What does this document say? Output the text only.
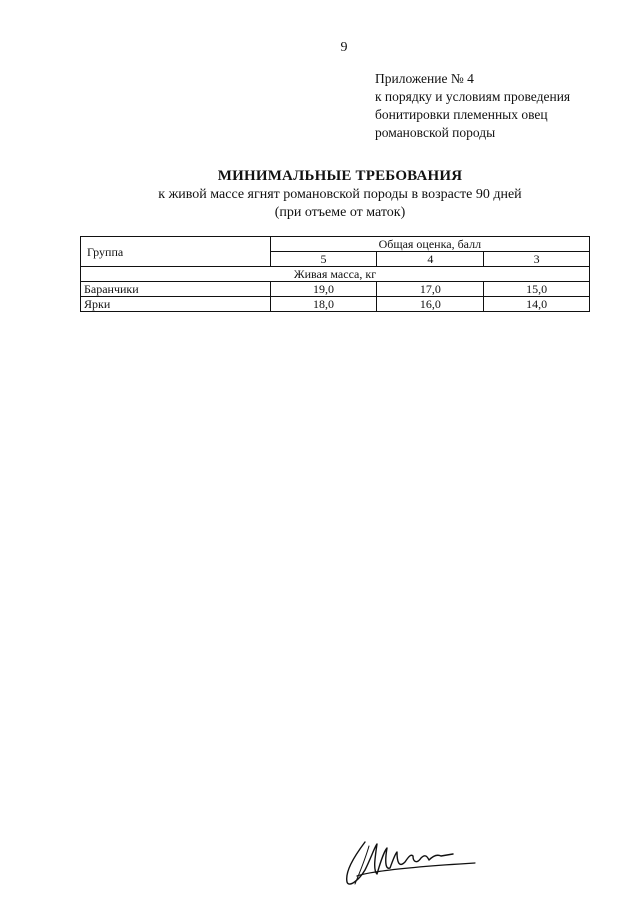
9
Приложение № 4
к порядку и условиям проведения
бонитировки племенных овец
романовской породы
МИНИМАЛЬНЫЕ ТРЕБОВАНИЯ
к живой массе ягнят романовской породы в возрасте 90 дней
(при отъеме от маток)
Группа	Общая оценка, балл		
	5	4	3
Живая масса, кг			
Баранчики	19,0	17,0	15,0
Ярки	18,0	16,0	14,0
